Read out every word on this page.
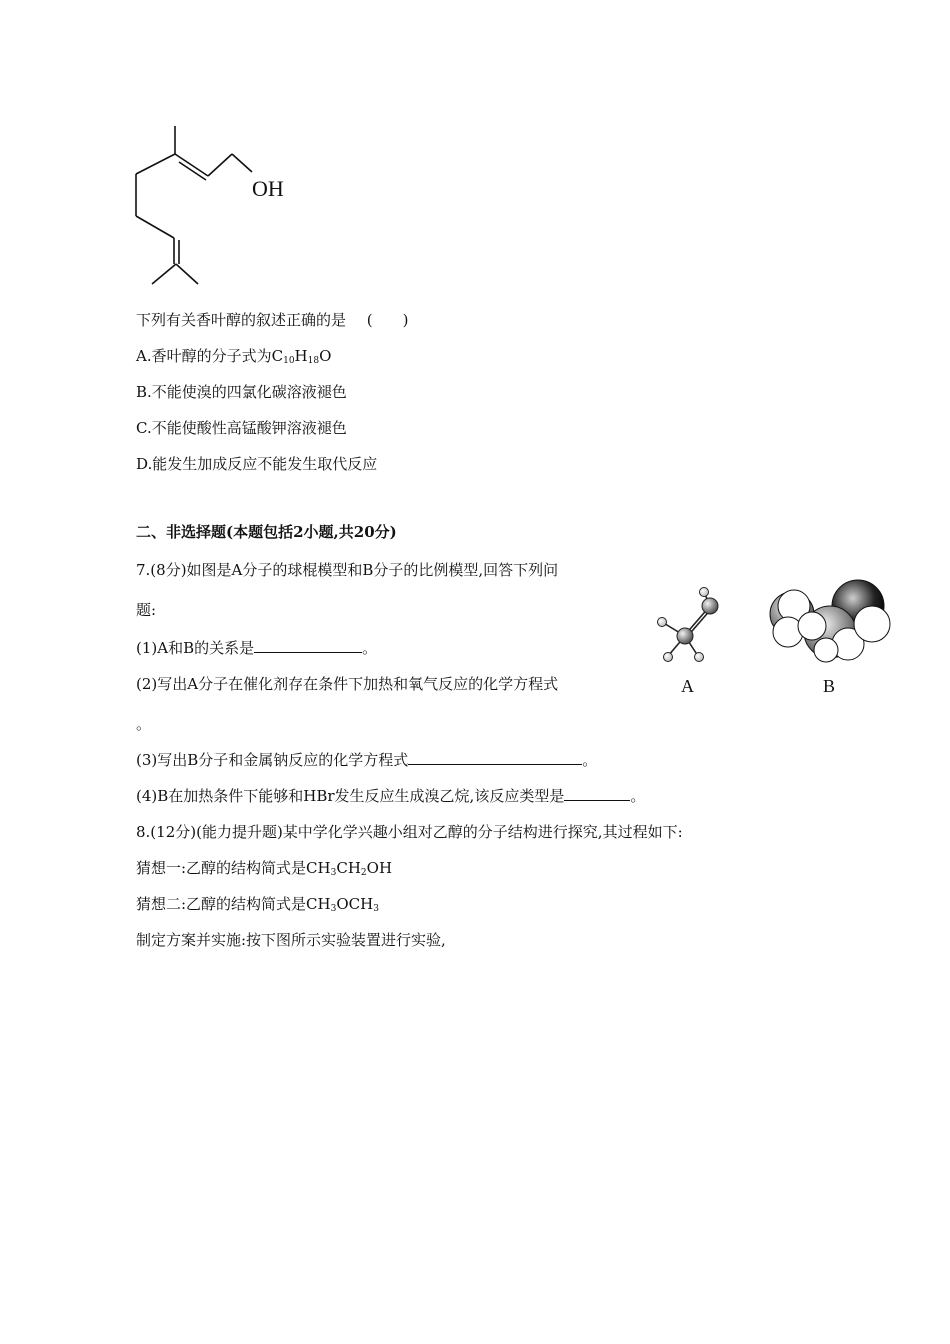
OH
下列有关香叶醇的叙述正确的是 (　　)
A.香叶醇的分子式为$C_{10}H_{18}O$
B.不能使溴的四氯化碳溶液褪色
C.不能使酸性高锰酸钾溶液褪色
D.能发生加成反应不能发生取代反应
二、非选择题(本题包括2小题,共20分)
7.(8分)如图是A分子的球棍模型和B分子的比例模型,回答下列问
题:
(1)A和B的关系是	。
(2)写出A分子在催化剂存在条件下加热和氧气反应的化学方程式
。
(3)写出B分子和金属钠反应的化学方程式	。
(4)B在加热条件下能够和HBr发生反应生成溴乙烷,该反应类型是	。
A	B
8.(12分)(能力提升题)某中学化学兴趣小组对乙醇的分子结构进行探究,其过程如下:
猜想一:乙醇的结构简式是$CH_3CH_2OH$
猜想二:乙醇的结构简式是$CH_3OCH_3$
制定方案并实施:按下图所示实验装置进行实验,
